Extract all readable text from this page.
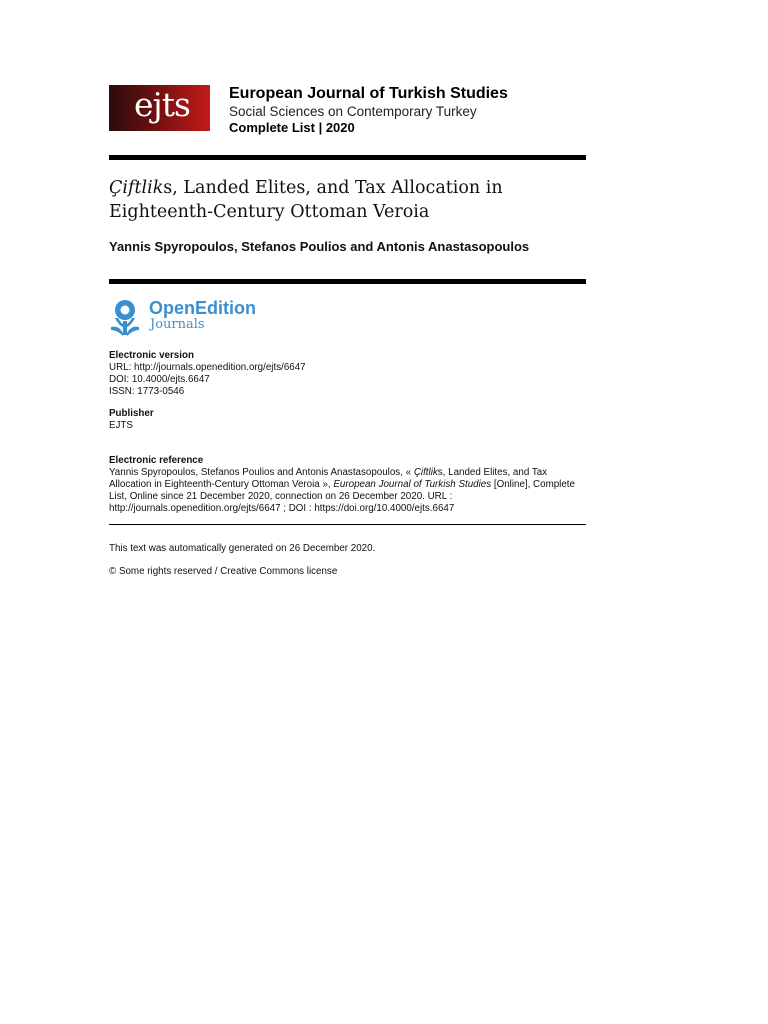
ejts European Journal of Turkish Studies
Social Sciences on Contemporary Turkey
Complete List | 2020
Çiftliks, Landed Elites, and Tax Allocation in
Eighteenth-Century Ottoman Veroia
Yannis Spyropoulos, Stefanos Poulios and Antonis Anastasopoulos
OpenEdition
Journals
Electronic version
URL: http://journals.openedition.org/ejts/6647
DOI: 10.4000/ejts.6647
ISSN: 1773-0546
Publisher
EJTS
Electronic reference
Yannis Spyropoulos, Stefanos Poulios and Antonis Anastasopoulos, « Çiftliks, Landed Elites, and Tax Allocation in Eighteenth-Century Ottoman Veroia », European Journal of Turkish Studies [Online], Complete List, Online since 21 December 2020, connection on 26 December 2020. URL : http://journals.openedition.org/ejts/6647 ; DOI : https://doi.org/10.4000/ejts.6647
This text was automatically generated on 26 December 2020.
© Some rights reserved / Creative Commons license
